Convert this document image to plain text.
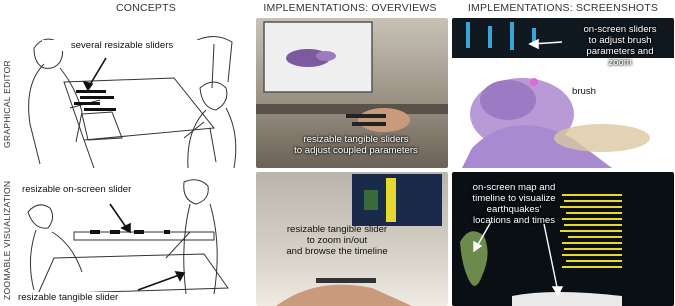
CONCEPTS	IMPLEMENTATIONS: OVERVIEWS	IMPLEMENTATIONS: SCREENSHOTS
GRAPHICAL EDITOR
ZOOMABLE VISUALIZATION
several resizable sliders
resizable tangible sliders
to adjust coupled parameters
on-screen sliders
to adjust brush
parameters and
zoom
brush
resizable on-screen slider
resizable tangible slider
resizable tangible slider
to zoom in/out
and browse the timeline
on-screen map and
timeline to visualize
earthquakes'
locations and times
